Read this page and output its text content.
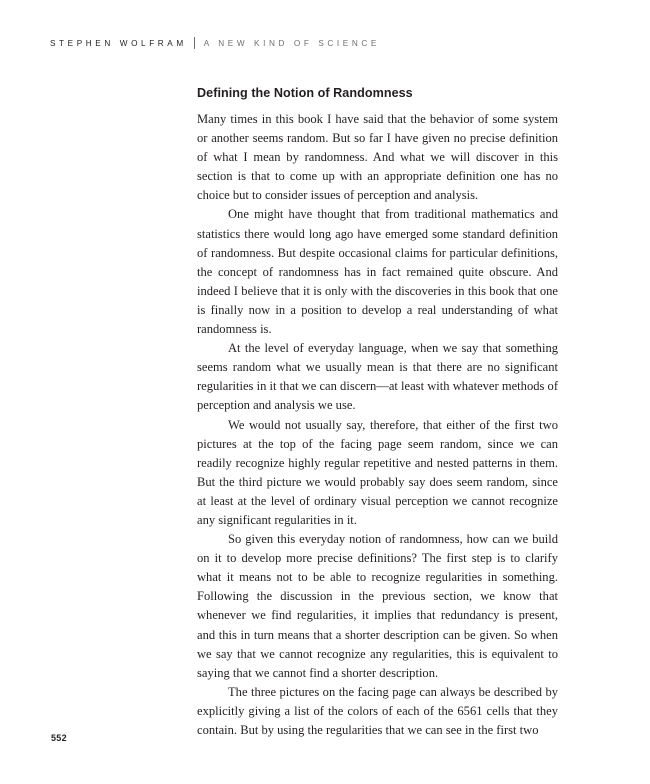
STEPHEN WOLFRAM A NEW KIND OF SCIENCE
Defining the Notion of Randomness

Many times in this book I have said that the behavior of some system or another seems random. But so far I have given no precise definition of what I mean by randomness. And what we will discover in this section is that to come up with an appropriate definition one has no choice but to consider issues of perception and analysis.

One might have thought that from traditional mathematics and statistics there would long ago have emerged some standard definition of randomness. But despite occasional claims for particular definitions, the concept of randomness has in fact remained quite obscure. And indeed I believe that it is only with the discoveries in this book that one is finally now in a position to develop a real understanding of what randomness is.

At the level of everyday language, when we say that something seems random what we usually mean is that there are no significant regularities in it that we can discern—at least with whatever methods of perception and analysis we use.

We would not usually say, therefore, that either of the first two pictures at the top of the facing page seem random, since we can readily recognize highly regular repetitive and nested patterns in them. But the third picture we would probably say does seem random, since at least at the level of ordinary visual perception we cannot recognize any significant regularities in it.

So given this everyday notion of randomness, how can we build on it to develop more precise definitions? The first step is to clarify what it means not to be able to recognize regularities in something. Following the discussion in the previous section, we know that whenever we find regularities, it implies that redundancy is present, and this in turn means that a shorter description can be given. So when we say that we cannot recognize any regularities, this is equivalent to saying that we cannot find a shorter description.

The three pictures on the facing page can always be described by explicitly giving a list of the colors of each of the 6561 cells that they contain. But by using the regularities that we can see in the first two

552
